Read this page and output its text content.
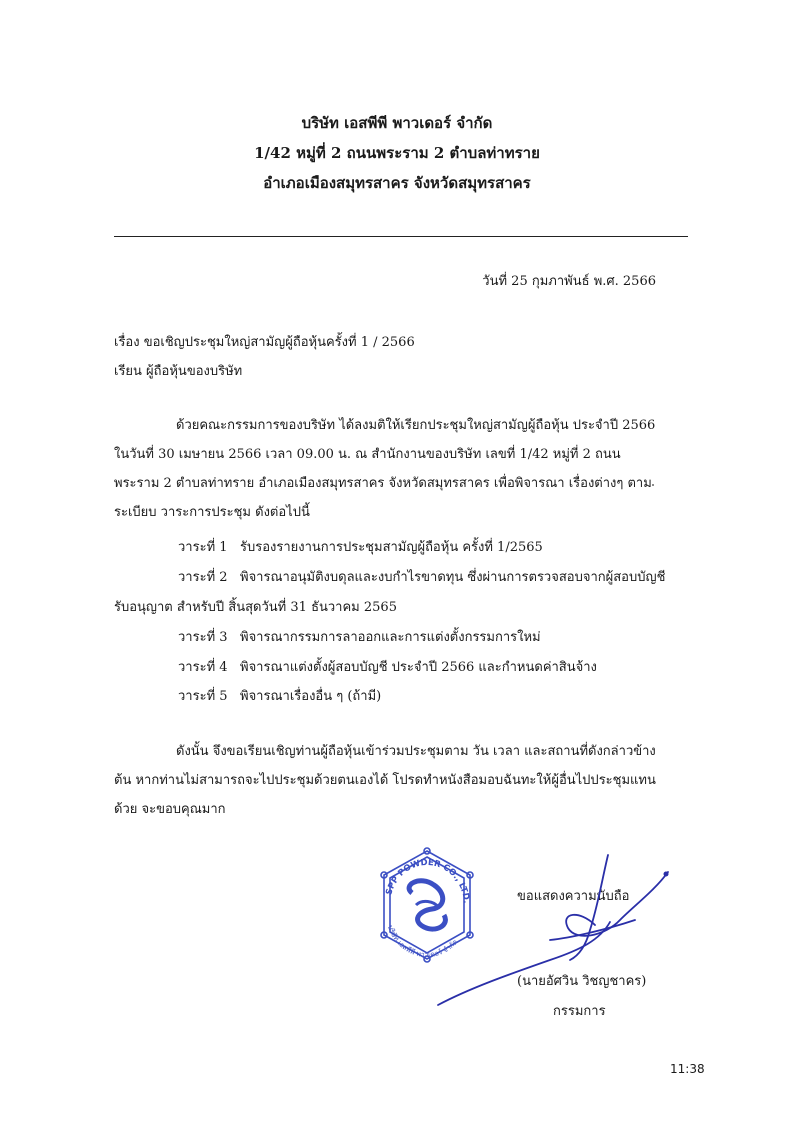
บริษัท เอสพีพี พาวเดอร์ จำกัด
1/42 หมู่ที่ 2 ถนนพระราม 2 ตำบลท่าทราย
อำเภอเมืองสมุทรสาคร จังหวัดสมุทรสาคร
วันที่ 25 กุมภาพันธ์ พ.ศ. 2566
เรื่อง ขอเชิญประชุมใหญ่สามัญผู้ถือหุ้นครั้งที่ 1 / 2566
เรียน ผู้ถือหุ้นของบริษัท
ด้วยคณะกรรมการของบริษัท ได้ลงมติให้เรียกประชุมใหญ่สามัญผู้ถือหุ้น ประจำปี 2566 ในวันที่ 30 เมษายน 2566 เวลา 09.00 น. ณ สำนักงานของบริษัท เลขที่ 1/42 หมู่ที่ 2 ถนนพระราม 2 ตำบลท่าทราย อำเภอเมืองสมุทรสาคร จังหวัดสมุทรสาคร เพื่อพิจารณา เรื่องต่างๆ ตามระเบียบ วาระการประชุม ดังต่อไปนี้
วาระที่ 1 รับรองรายงานการประชุมสามัญผู้ถือหุ้น ครั้งที่ 1/2565
วาระที่ 2 พิจารณาอนุมัติงบดุลและงบกำไรขาดทุน ซึ่งผ่านการตรวจสอบจากผู้สอบบัญชี
รับอนุญาต สำหรับปี สิ้นสุดวันที่ 31 ธันวาคม 2565
วาระที่ 3 พิจารณากรรมการลาออกและการแต่งตั้งกรรมการใหม่
วาระที่ 4 พิจารณาแต่งตั้งผู้สอบบัญชี ประจำปี 2566 และกำหนดค่าสินจ้าง
วาระที่ 5 พิจารณาเรื่องอื่น ๆ (ถ้ามี)
ดังนั้น จึงขอเรียนเชิญท่านผู้ถือหุ้นเข้าร่วมประชุมตาม วัน เวลา และสถานที่ดังกล่าวข้างต้น หากท่านไม่สามารถจะไปประชุมด้วยตนเองได้ โปรดทำหนังสือมอบฉันทะให้ผู้อื่นไปประชุมแทนด้วย จะขอบคุณมาก
SPP POWDER CO., LTD.
บริษัท เอสพีพี พาวเดอร์ จำกัด
ขอแสดงความนับถือ
(นายอัศวิน วิชญชาคร)
กรรมการ
11:38
